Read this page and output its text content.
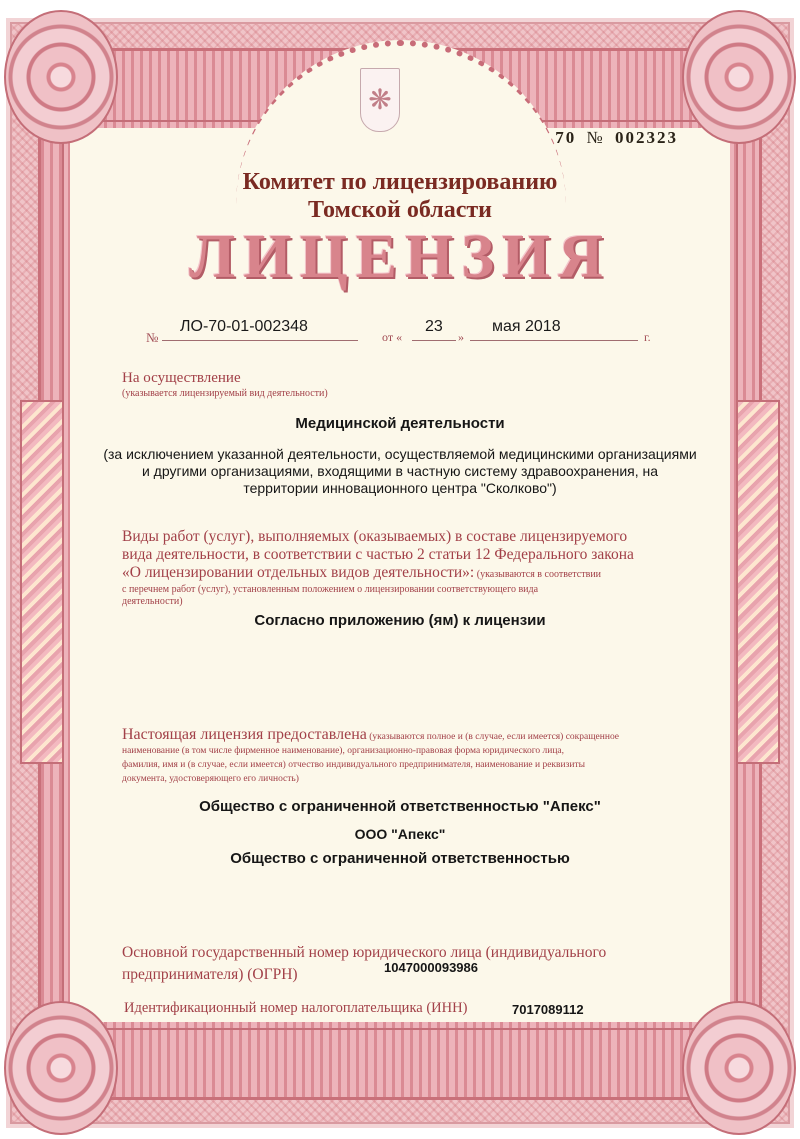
❋
70 № 002323
Комитет по лицензированию
Томской области
ЛИЦЕНЗИЯ
№
ЛО-70-01-002348
от «
23
»
мая 2018
г.
На осуществление
(указывается лицензируемый вид деятельности)
Медицинской деятельности
(за исключением указанной деятельности, осуществляемой медицинскими организациями
и другими организациями, входящими в частную систему здравоохранения, на
территории инновационного центра "Сколково")
Виды работ (услуг), выполняемых (оказываемых) в составе лицензируемого
вида деятельности, в соответствии с частью 2 статьи 12 Федерального закона
«О лицензировании отдельных видов деятельности»: (указываются в соответствии
с перечнем работ (услуг), установленным положением о лицензировании соответствующего вида
деятельности)
Согласно приложению (ям) к лицензии
Настоящая лицензия предоставлена (указываются полное и (в случае, если имеется) сокращенное
наименование (в том числе фирменное наименование), организационно-правовая форма юридического лица,
фамилия, имя и (в случае, если имеется) отчество индивидуального предпринимателя, наименование и реквизиты
документа, удостоверяющего его личность)
Общество с ограниченной ответственностью "Апекс"
ООО "Апекс"
Общество с ограниченной ответственностью
Основной государственный номер юридического лица (индивидуального
предпринимателя) (ОГРН)	1047000093986
Идентификационный номер налогоплательщика (ИНН)	7017089112
